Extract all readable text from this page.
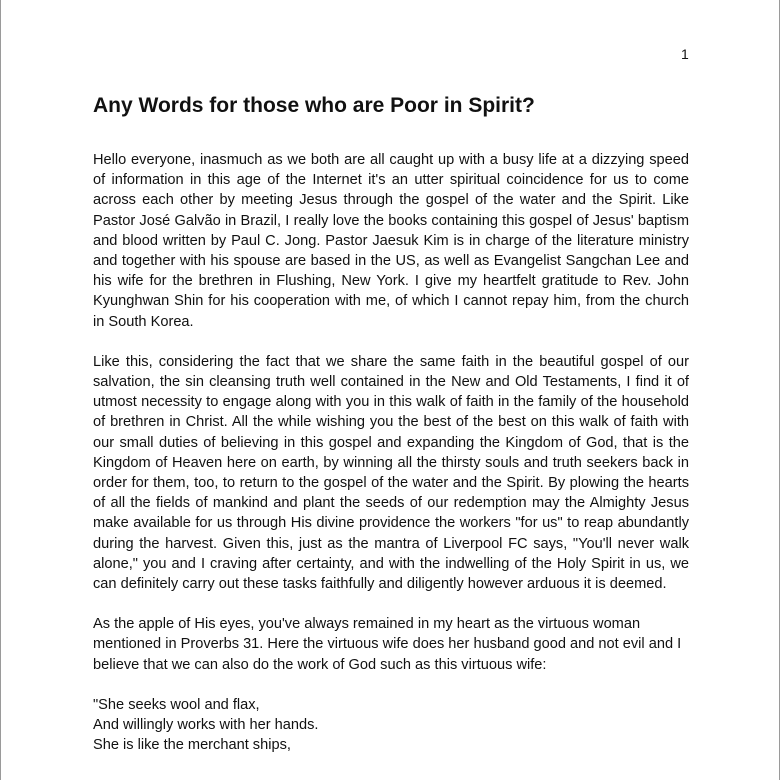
1
Any Words for those who are Poor in Spirit?

Hello everyone, inasmuch as we both are all caught up with a busy life at a dizzying speed of information in this age of the Internet it's an utter spiritual coincidence for us to come across each other by meeting Jesus through the gospel of the water and the Spirit. Like Pastor José Galvão in Brazil, I really love the books containing this gospel of Jesus' baptism and blood written by Paul C. Jong. Pastor Jaesuk Kim is in charge of the literature ministry and together with his spouse are based in the US, as well as Evangelist Sangchan Lee and his wife for the brethren in Flushing, New York. I give my heartfelt gratitude to Rev. John Kyunghwan Shin for his cooperation with me, of which I cannot repay him, from the church in South Korea.

Like this, considering the fact that we share the same faith in the beautiful gospel of our salvation, the sin cleansing truth well contained in the New and Old Testaments, I find it of utmost necessity to engage along with you in this walk of faith in the family of the household of brethren in Christ. All the while wishing you the best of the best on this walk of faith with our small duties of believing in this gospel and expanding the Kingdom of God, that is the Kingdom of Heaven here on earth, by winning all the thirsty souls and truth seekers back in order for them, too, to return to the gospel of the water and the Spirit. By plowing the hearts of all the fields of mankind and plant the seeds of our redemption may the Almighty Jesus make available for us through His divine providence the workers "for us" to reap abundantly during the harvest. Given this, just as the mantra of Liverpool FC says, "You'll never walk alone," you and I craving after certainty, and with the indwelling of the Holy Spirit in us, we can definitely carry out these tasks faithfully and diligently however arduous it is deemed.

As the apple of His eyes, you've always remained in my heart as the virtuous woman mentioned in Proverbs 31. Here the virtuous wife does her husband good and not evil and I believe that we can also do the work of God such as this virtuous wife:

"She seeks wool and flax,

And willingly works with her hands.

She is like the merchant ships,
